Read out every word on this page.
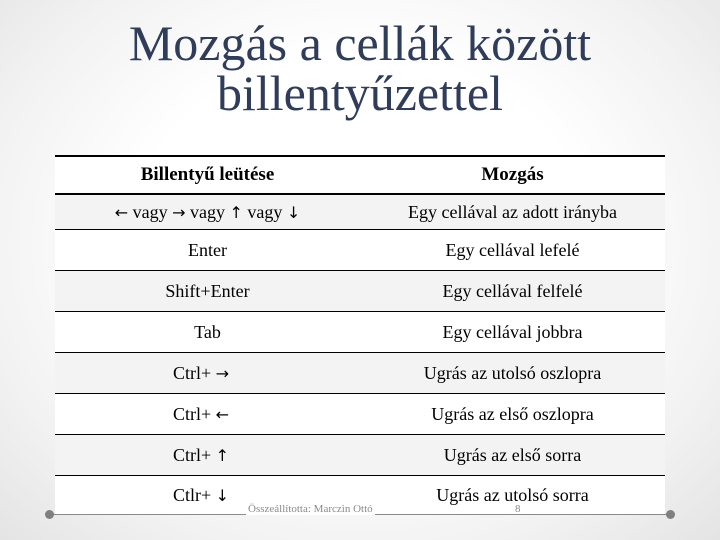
Mozgás a cellák között
billentyűzettel
Billentyű leütése	Mozgás
← vagy → vagy ↑ vagy ↓	Egy cellával az adott irányba
Enter	Egy cellával lefelé
Shift+Enter	Egy cellával felfelé
Tab	Egy cellával jobbra
Ctrl+ →	Ugrás az utolsó oszlopra
Ctrl+ ←	Ugrás az első oszlopra
Ctrl+ ↑	Ugrás az első sorra
Ctlr+ ↓	Ugrás az utolsó sorra
Összeállította: Marczin Ottó	8
